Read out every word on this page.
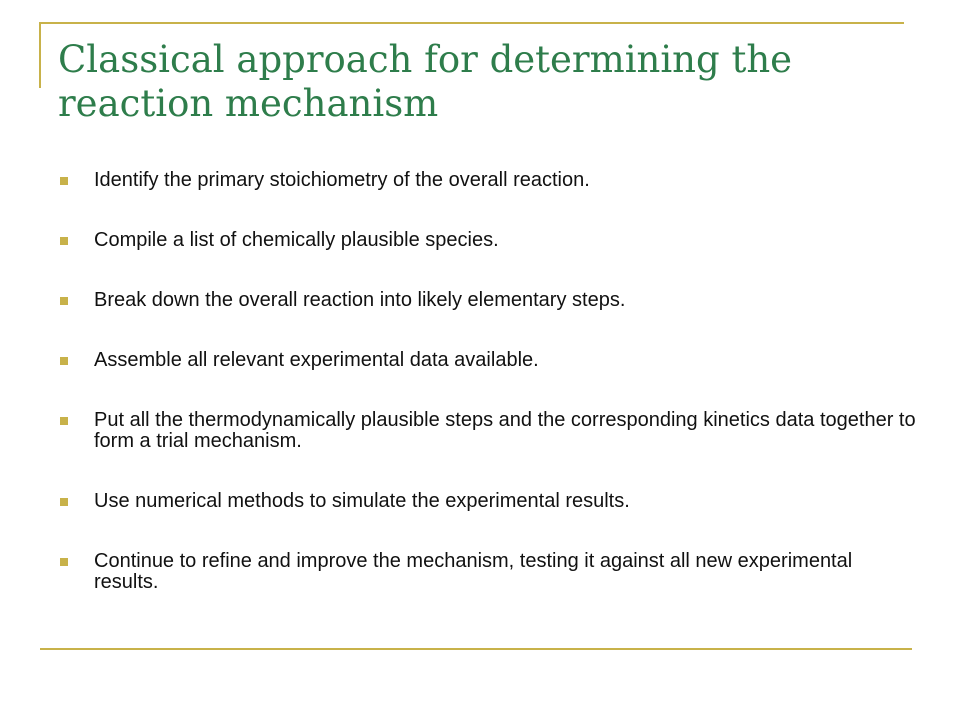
Classical approach for determining the reaction mechanism
Identify the primary stoichiometry of the overall reaction.
Compile a list of chemically plausible species.
Break down the overall reaction into likely elementary steps.
Assemble all relevant experimental data available.
Put all the thermodynamically plausible steps and the corresponding kinetics data together to form a trial mechanism.
Use numerical methods to simulate the experimental results.
Continue to refine and improve the mechanism, testing it against all new experimental results.
